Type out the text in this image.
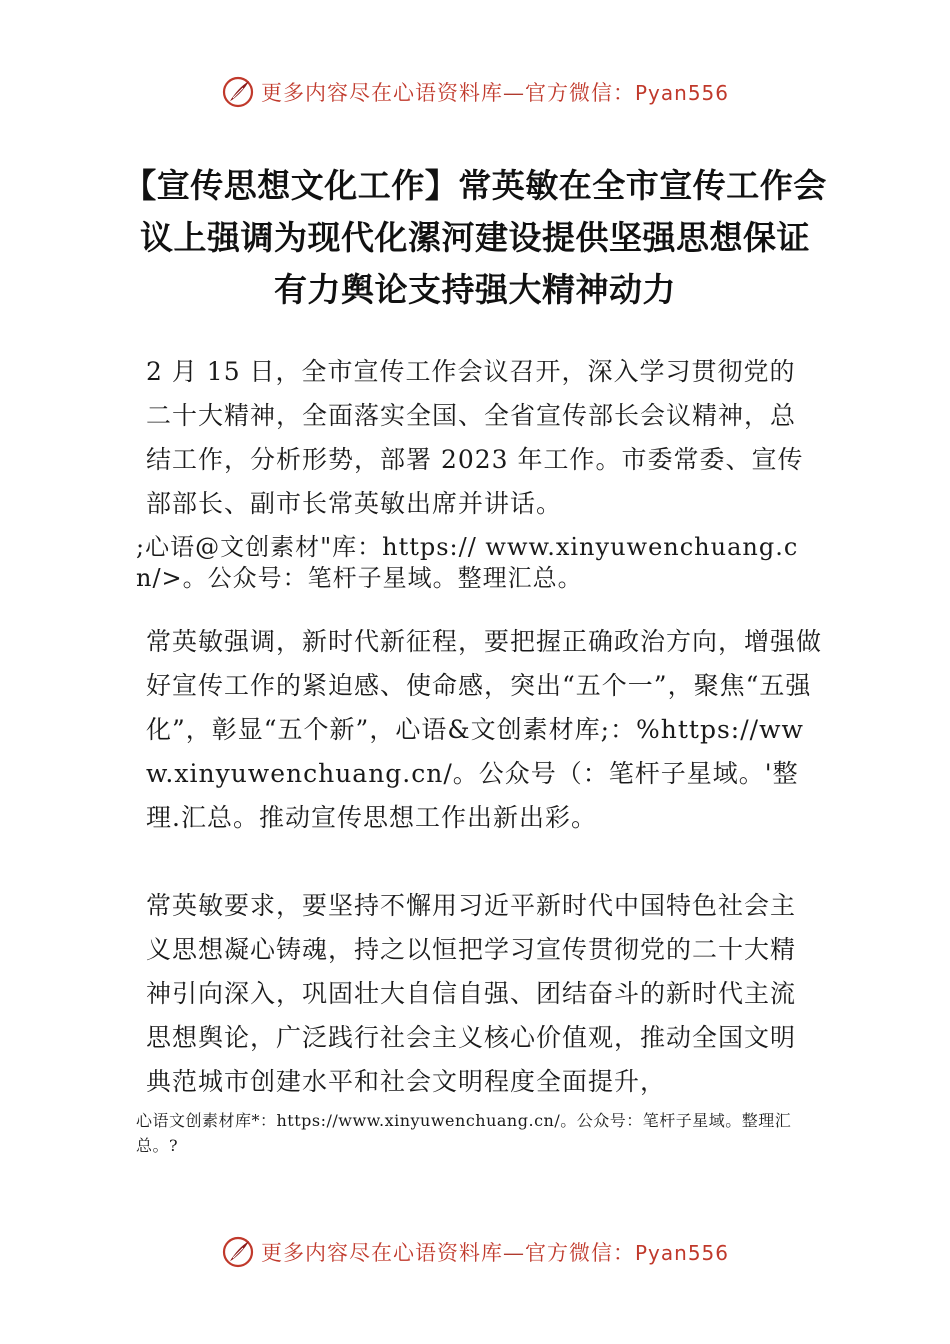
更多内容尽在心语资料库—官方微信：Pyan556
【宣传思想文化工作】常英敏在全市宣传工作会议上强调为现代化漯河建设提供坚强思想保证 有力舆论支持强大精神动力
2 月 15 日，全市宣传工作会议召开，深入学习贯彻党的二十大精神，全面落实全国、全省宣传部长会议精神，总结工作，分析形势，部署 2023 年工作。市委常委、宣传部部长、副市长常英敏出席并讲话。
;心语@文创素材"库：https:// www.xinyuwenchuang.cn/>。公众号：笔杆子星域。整理汇总。
常英敏强调，新时代新征程，要把握正确政治方向，增强做好宣传工作的紧迫感、使命感，突出“五个一”，聚焦“五强化”，彰显“五个新”，心语&文创素材库;：%https://www.xinyuwenchuang.cn/。公众号（：笔杆子星域。'整理.汇总。推动宣传思想工作出新出彩。
常英敏要求，要坚持不懈用习近平新时代中国特色社会主义思想凝心铸魂，持之以恒把学习宣传贯彻党的二十大精神引向深入，巩固壮大自信自强、团结奋斗的新时代主流思想舆论，广泛践行社会主义核心价值观，推动全国文明典范城市创建水平和社会文明程度全面提升，
心语文创素材库*：https://www.xinyuwenchuang.cn/。公众号：笔杆子星域。整理汇总。?
更多内容尽在心语资料库—官方微信：Pyan556
